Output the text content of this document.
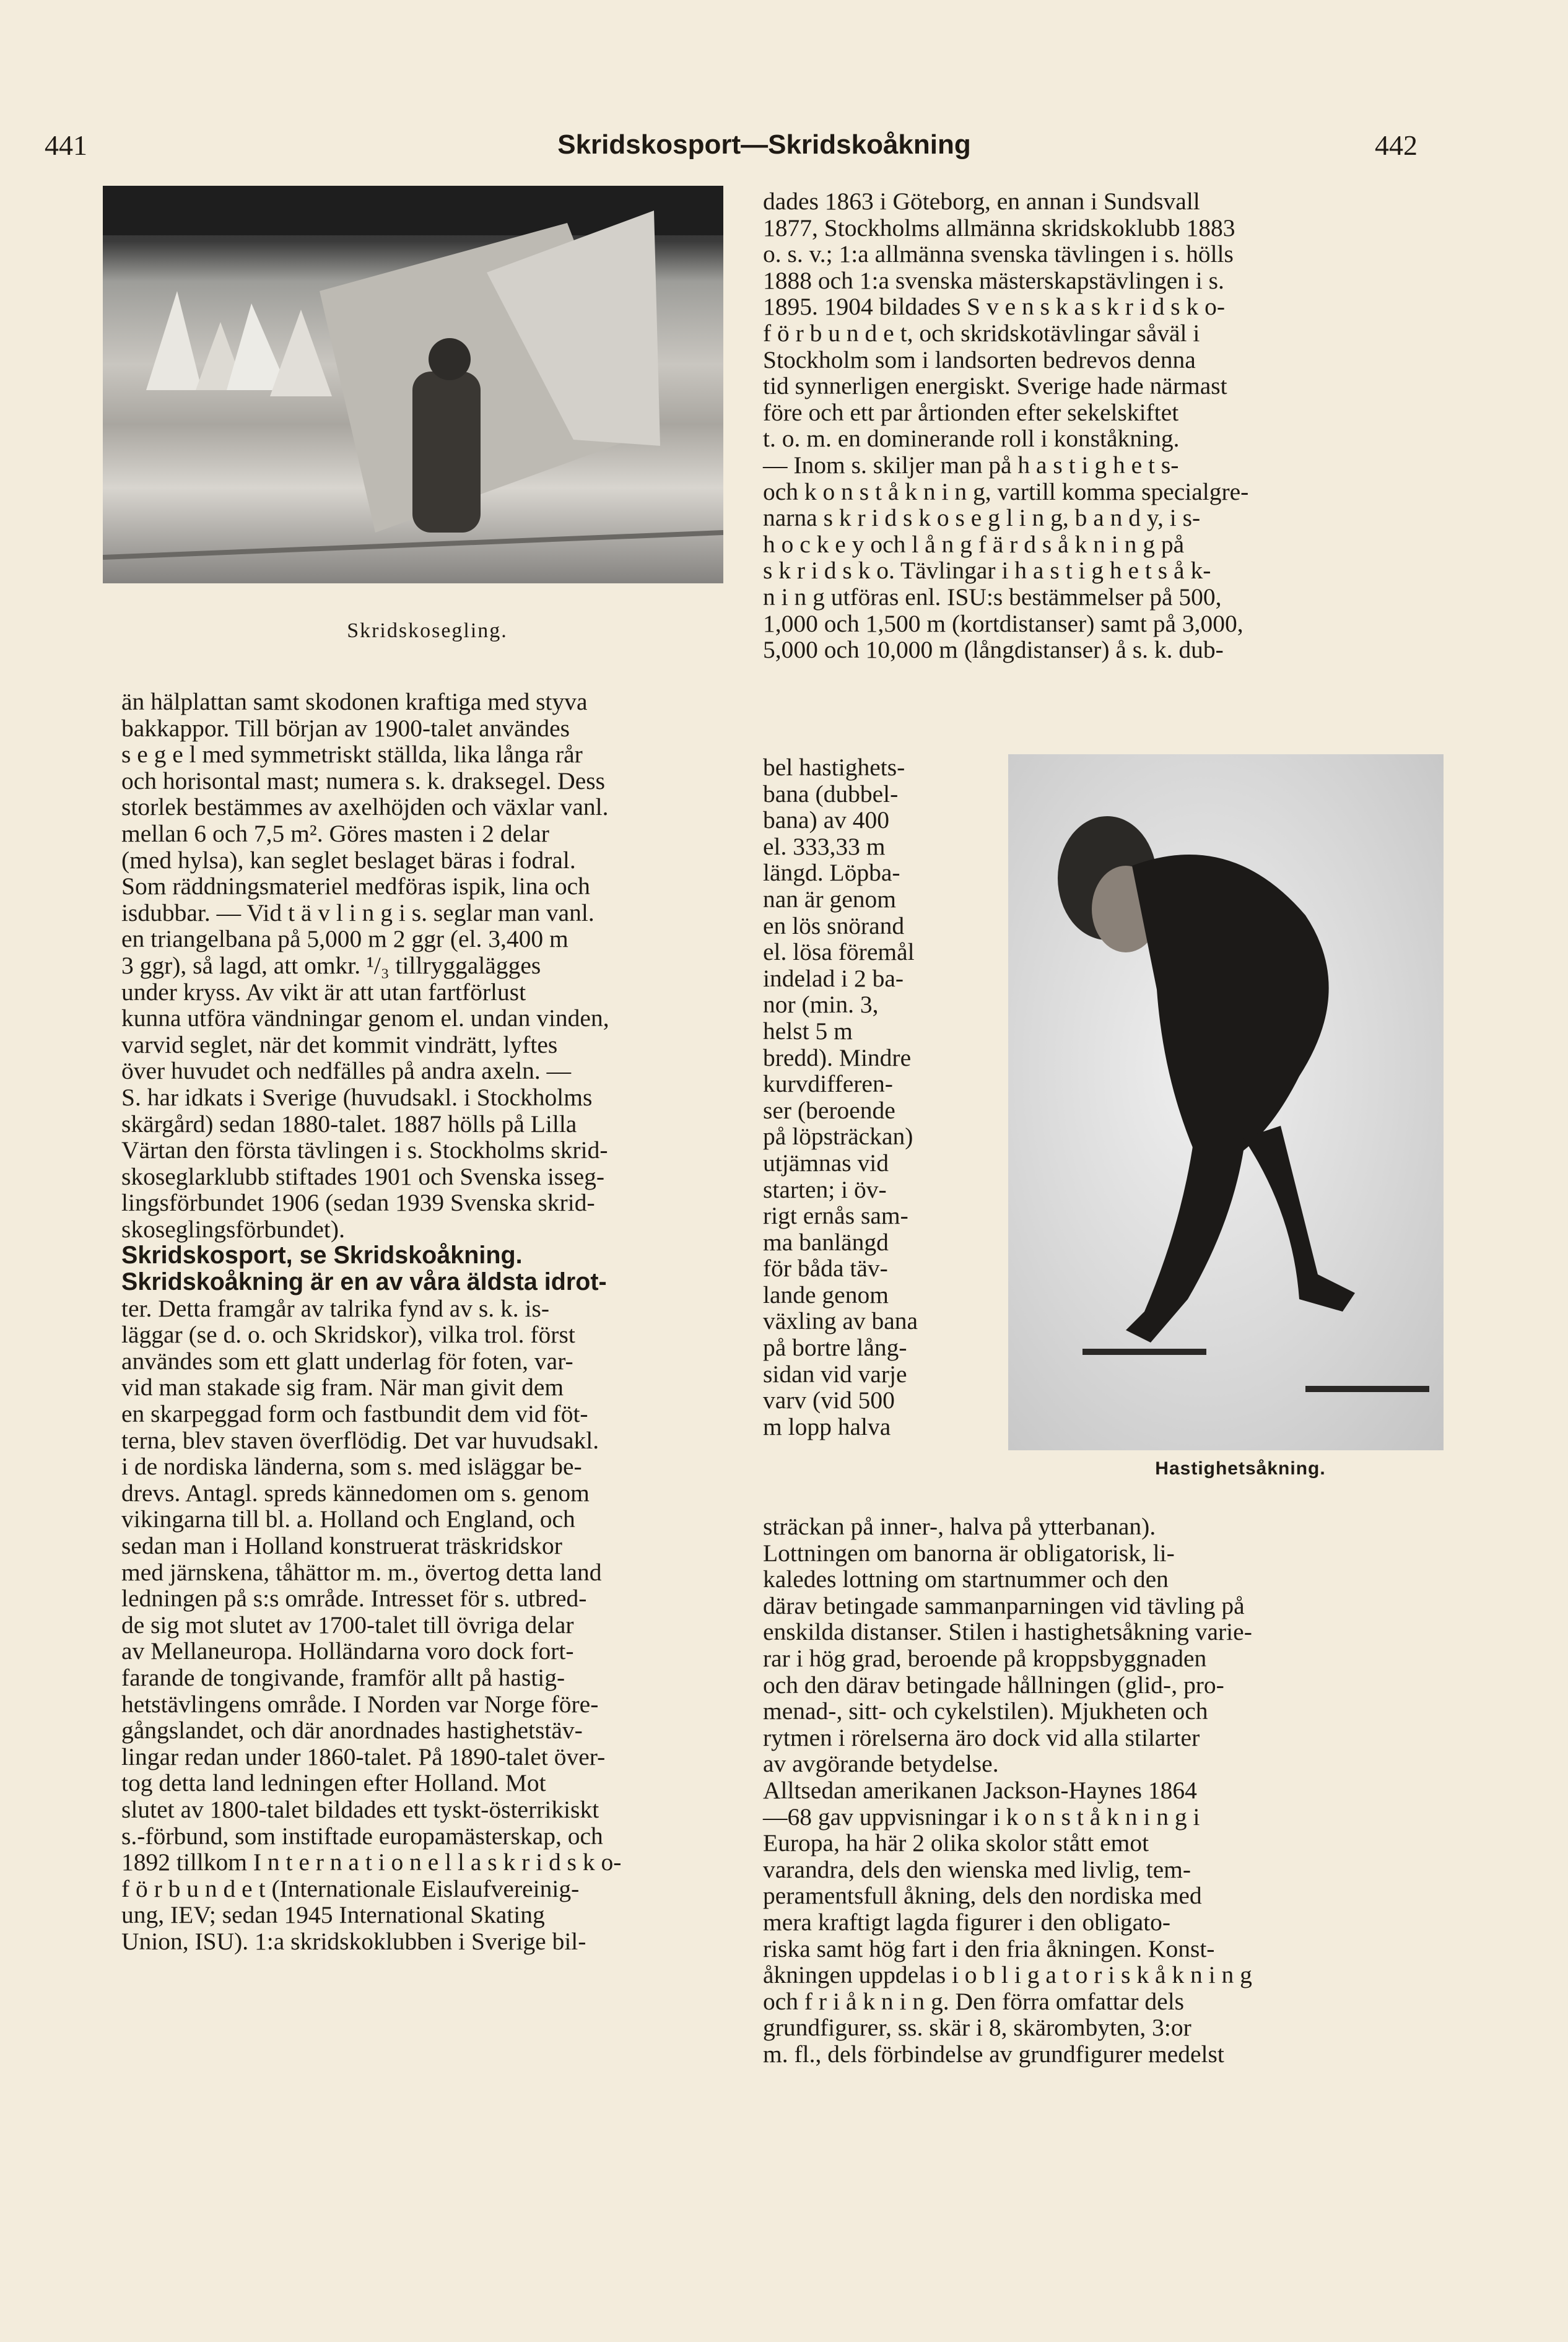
441	Skridskosport—Skridskoåkning	442
Skridskosegling.
Hastighetsåkning.

än hälplattan samt skodonen kraftiga med styva

bakkappor. Till början av 1900-talet användes

s e g e l med symmetriskt ställda, lika långa rår

och horisontal mast; numera s. k. draksegel. Dess

storlek bestämmes av axelhöjden och växlar vanl.

mellan 6 och 7,5 m². Göres masten i 2 delar

(med hylsa), kan seglet beslaget bäras i fodral.

Som räddningsmateriel medföras ispik, lina och

isdubbar. — Vid t ä v l i n g i s. seglar man vanl.

en triangelbana på 5,000 m 2 ggr (el. 3,400 m

3 ggr), så lagd, att omkr. ¹/₃ tillryggalägges

under kryss. Av vikt är att utan fartförlust

kunna utföra vändningar genom el. undan vinden,

varvid seglet, när det kommit vindrätt, lyftes

över huvudet och nedfälles på andra axeln. —

S. har idkats i Sverige (huvudsakl. i Stockholms

skärgård) sedan 1880-talet. 1887 hölls på Lilla

Värtan den första tävlingen i s. Stockholms skrid-

skoseglarklubb stiftades 1901 och Svenska isseg-

lingsförbundet 1906 (sedan 1939 Svenska skrid-

skoseglingsförbundet).

Skridskosport, se Skridskoåkning.

Skridskoåkning är en av våra äldsta idrot-

ter. Detta framgår av talrika fynd av s. k. is-

läggar (se d. o. och Skridskor), vilka trol. först

användes som ett glatt underlag för foten, var-

vid man stakade sig fram. När man givit dem

en skarpeggad form och fastbundit dem vid föt-

terna, blev staven överflödig. Det var huvudsakl.

i de nordiska länderna, som s. med isläggar be-

drevs. Antagl. spreds kännedomen om s. genom

vikingarna till bl. a. Holland och England, och

sedan man i Holland konstruerat träskridskor

med järnskena, tåhättor m. m., övertog detta land

ledningen på s:s område. Intresset för s. utbred-

de sig mot slutet av 1700-talet till övriga delar

av Mellaneuropa. Holländarna voro dock fort-

farande de tongivande, framför allt på hastig-

hetstävlingens område. I Norden var Norge före-

gångslandet, och där anordnades hastighetstäv-

lingar redan under 1860-talet. På 1890-talet över-

tog detta land ledningen efter Holland. Mot

slutet av 1800-talet bildades ett tyskt-österrikiskt

s.-förbund, som instiftade europamästerskap, och

1892 tillkom I n t e r n a t i o n e l l a s k r i d s k o-

f ö r b u n d e t (Internationale Eislaufvereinig-

ung, IEV; sedan 1945 International Skating

Union, ISU). 1:a skridskoklubben i Sverige bil-

dades 1863 i Göteborg, en annan i Sundsvall

1877, Stockholms allmänna skridskoklubb 1883

o. s. v.; 1:a allmänna svenska tävlingen i s. hölls

1888 och 1:a svenska mästerskapstävlingen i s.

1895. 1904 bildades S v e n s k a s k r i d s k o-

f ö r b u n d e t, och skridskotävlingar såväl i

Stockholm som i landsorten bedrevos denna

tid synnerligen energiskt. Sverige hade närmast

före och ett par årtionden efter sekelskiftet

t. o. m. en dominerande roll i konståkning.

— Inom s. skiljer man på h a s t i g h e t s-

och k o n s t å k n i n g, vartill komma specialgre-

narna s k r i d s k o s e g l i n g, b a n d y, i s-

h o c k e y och l å n g f ä r d s å k n i n g på

s k r i d s k o. Tävlingar i h a s t i g h e t s å k-

n i n g utföras enl. ISU:s bestämmelser på 500,

1,000 och 1,500 m (kortdistanser) samt på 3,000,

5,000 och 10,000 m (långdistanser) å s. k. dub-

bel hastighets-

bana (dubbel-

bana) av 400

el. 333,33 m

längd. Löpba-

nan är genom

en lös snörand

el. lösa föremål

indelad i 2 ba-

nor (min. 3,

helst 5 m

bredd). Mindre

kurvdifferen-

ser (beroende

på löpsträckan)

utjämnas vid

starten; i öv-

rigt ernås sam-

ma banlängd

för båda täv-

lande genom

växling av bana

på bortre lång-

sidan vid varje

varv (vid 500

m lopp halva

sträckan på inner-, halva på ytterbanan).

Lottningen om banorna är obligatorisk, li-

kaledes lottning om startnummer och den

därav betingade sammanparningen vid tävling på

enskilda distanser. Stilen i hastighetsåkning varie-

rar i hög grad, beroende på kroppsbyggnaden

och den därav betingade hållningen (glid-, pro-

menad-, sitt- och cykelstilen). Mjukheten och

rytmen i rörelserna äro dock vid alla stilarter

av avgörande betydelse.

Alltsedan amerikanen Jackson-Haynes 1864

—68 gav uppvisningar i k o n s t å k n i n g i

Europa, ha här 2 olika skolor stått emot

varandra, dels den wienska med livlig, tem-

peramentsfull åkning, dels den nordiska med

mera kraftigt lagda figurer i den obligato-

riska samt hög fart i den fria åkningen. Konst-

åkningen uppdelas i o b l i g a t o r i s k å k n i n g

och f r i å k n i n g. Den förra omfattar dels

grundfigurer, ss. skär i 8, skärombyten, 3:or

m. fl., dels förbindelse av grundfigurer medelst
